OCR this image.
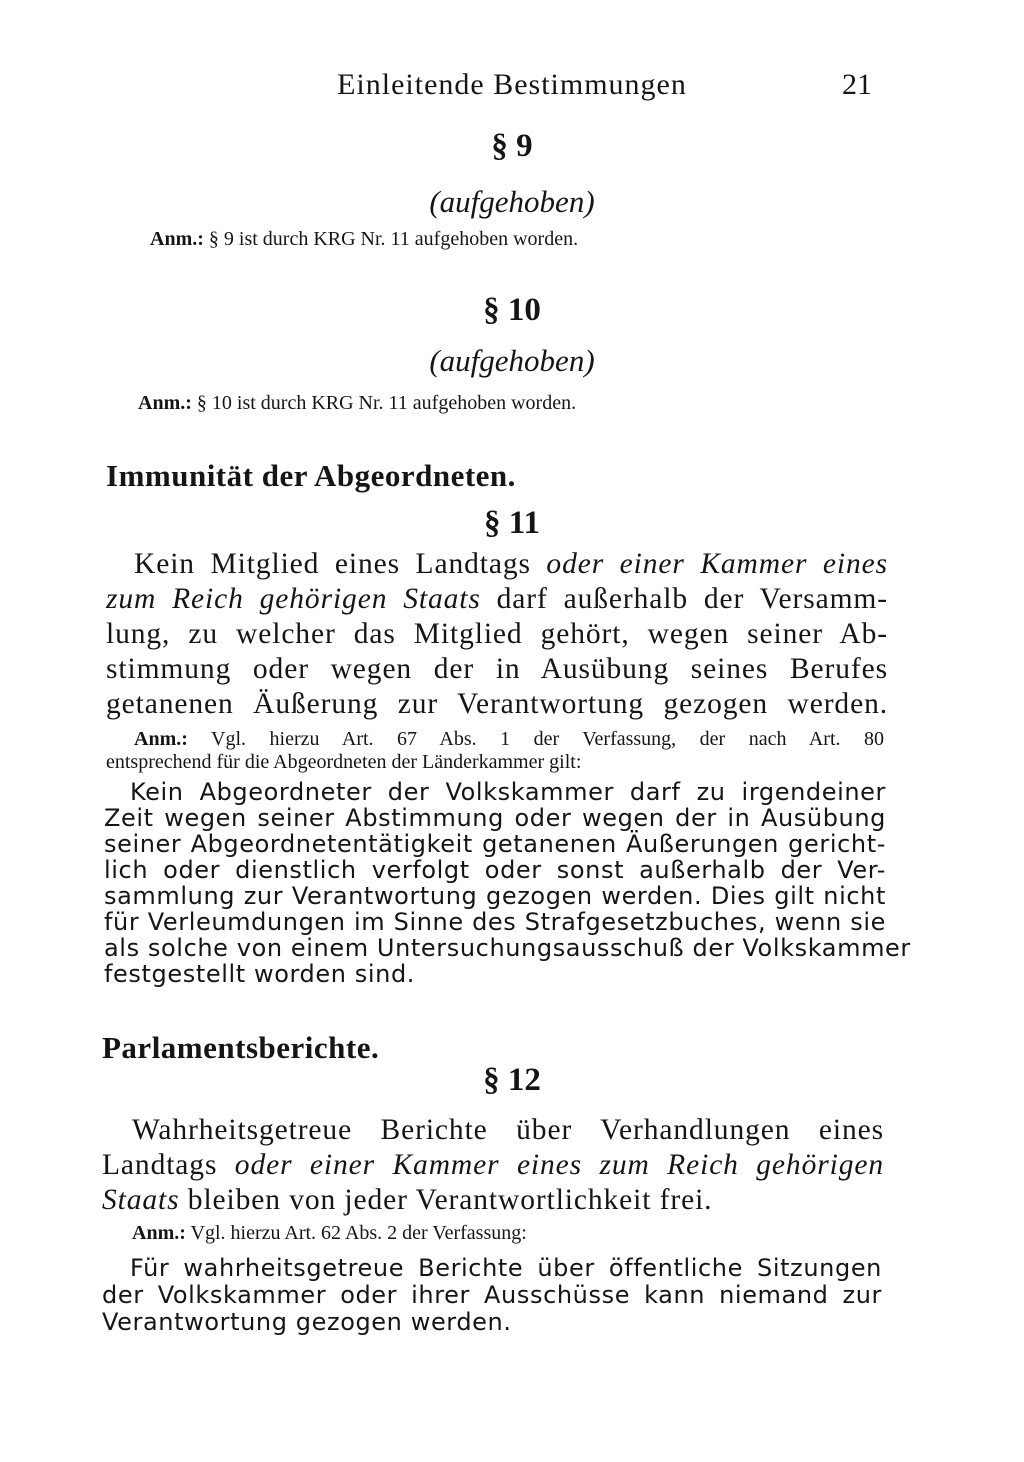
Einleitende Bestimmungen	21
§ 9
(aufgehoben)
Anm.: § 9 ist durch KRG Nr. 11 aufgehoben worden.
§ 10
(aufgehoben)
Anm.: § 10 ist durch KRG Nr. 11 aufgehoben worden.
Immunität der Abgeordneten.
§ 11
Kein Mitglied eines Landtags oder einer Kammer eines
zum Reich gehörigen Staats darf außerhalb der Versamm-
lung, zu welcher das Mitglied gehört, wegen seiner Ab-
stimmung oder wegen der in Ausübung seines Berufes
getanenen Äußerung zur Verantwortung gezogen werden.
Anm.: Vgl. hierzu Art. 67 Abs. 1 der Verfassung, der nach Art. 80
entsprechend für die Abgeordneten der Länderkammer gilt:
Kein Abgeordneter der Volkskammer darf zu irgendeiner
Zeit wegen seiner Abstimmung oder wegen der in Ausübung
seiner Abgeordnetentätigkeit getanenen Äußerungen gericht-
lich oder dienstlich verfolgt oder sonst außerhalb der Ver-
sammlung zur Verantwortung gezogen werden. Dies gilt nicht
für Verleumdungen im Sinne des Strafgesetzbuches, wenn sie
als solche von einem Untersuchungsausschuß der Volkskammer
festgestellt worden sind.
Parlamentsberichte.
§ 12
Wahrheitsgetreue Berichte über Verhandlungen eines
Landtags oder einer Kammer eines zum Reich gehörigen
Staats bleiben von jeder Verantwortlichkeit frei.
Anm.: Vgl. hierzu Art. 62 Abs. 2 der Verfassung:
Für wahrheitsgetreue Berichte über öffentliche Sitzungen
der Volkskammer oder ihrer Ausschüsse kann niemand zur
Verantwortung gezogen werden.
